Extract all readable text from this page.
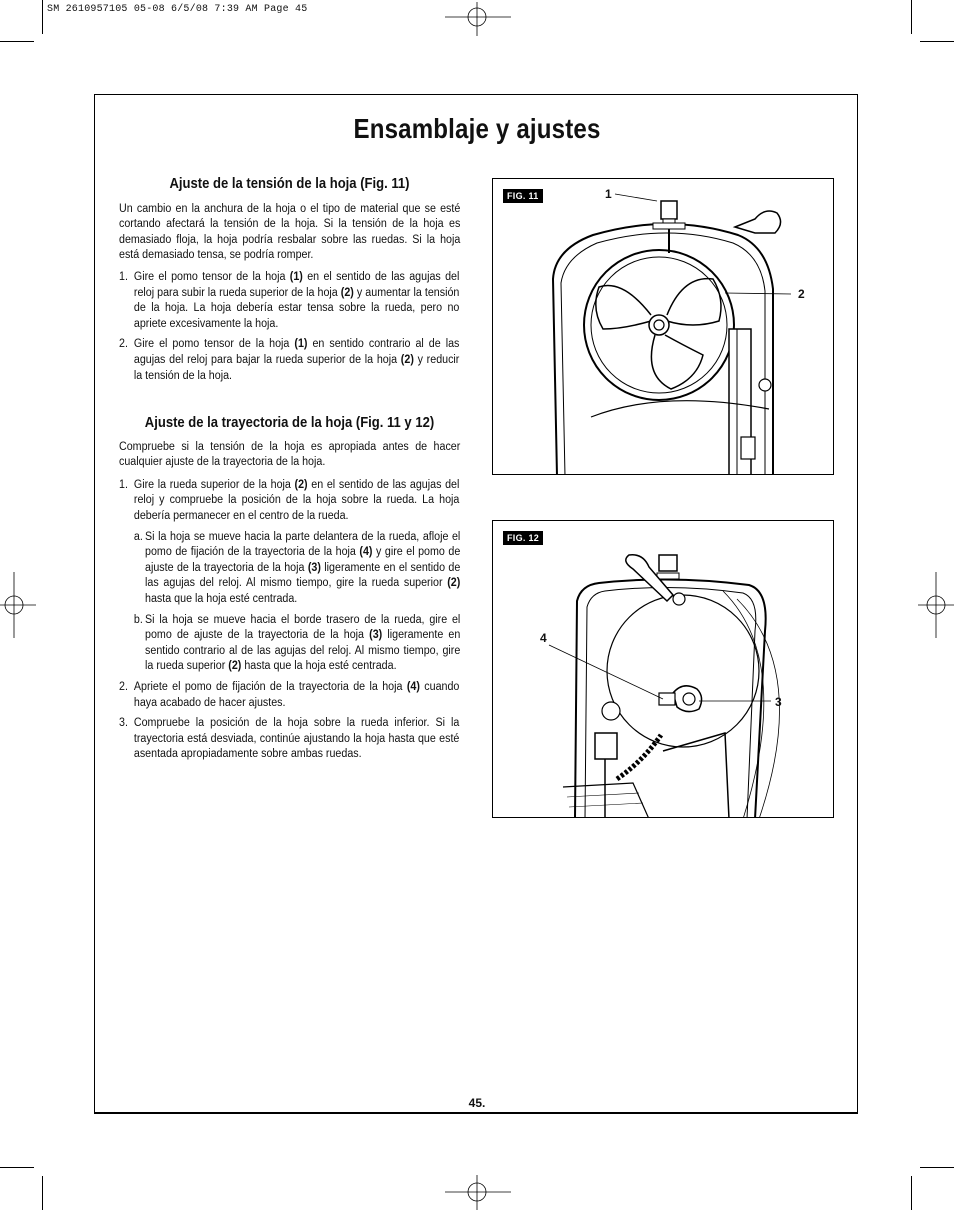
SM 2610957105 05-08 6/5/08 7:39 AM Page 45
Ensamblaje y ajustes

Ajuste de la tensión de la hoja (Fig. 11)

Un cambio en la anchura de la hoja o el tipo de material que se esté cortando afectará la tensión de la hoja. Si la tensión de la hoja es demasiado floja, la hoja podría resbalar sobre las ruedas. Si la hoja está demasiado tensa, se podría romper.

1. Gire el pomo tensor de la hoja (1) en el sentido de las agujas del reloj para subir la rueda superior de la hoja (2) y aumentar la tensión de la hoja. La hoja debería estar tensa sobre la rueda, pero no apriete excesivamente la hoja.

2. Gire el pomo tensor de la hoja (1) en sentido contrario al de las agujas del reloj para bajar la rueda superior de la hoja (2) y reducir la tensión de la hoja.

Ajuste de la trayectoria de la hoja (Fig. 11 y 12)

Compruebe si la tensión de la hoja es apropiada antes de hacer cualquier ajuste de la trayectoria de la hoja.

1. Gire la rueda superior de la hoja (2) en el sentido de las agujas del reloj y compruebe la posición de la hoja sobre la rueda. La hoja debería permanecer en el centro de la rueda.

a. Si la hoja se mueve hacia la parte delantera de la rueda, afloje el pomo de fijación de la trayectoria de la hoja (4) y gire el pomo de ajuste de la trayectoria de la hoja (3) ligeramente en el sentido de las agujas del reloj. Al mismo tiempo, gire la rueda superior (2) hasta que la hoja esté centrada.

b. Si la hoja se mueve hacia el borde trasero de la rueda, gire el pomo de ajuste de la trayectoria de la hoja (3) ligeramente en sentido contrario al de las agujas del reloj. Al mismo tiempo, gire la rueda superior (2) hasta que la hoja esté centrada.

2. Apriete el pomo de fijación de la trayectoria de la hoja (4) cuando haya acabado de hacer ajustes.

3. Compruebe la posición de la hoja sobre la rueda inferior. Si la trayectoria está desviada, continúe ajustando la hoja hasta que esté asentada apropiadamente sobre ambas ruedas.

FIG. 11	1
2
FIG. 12
4
3
45.
